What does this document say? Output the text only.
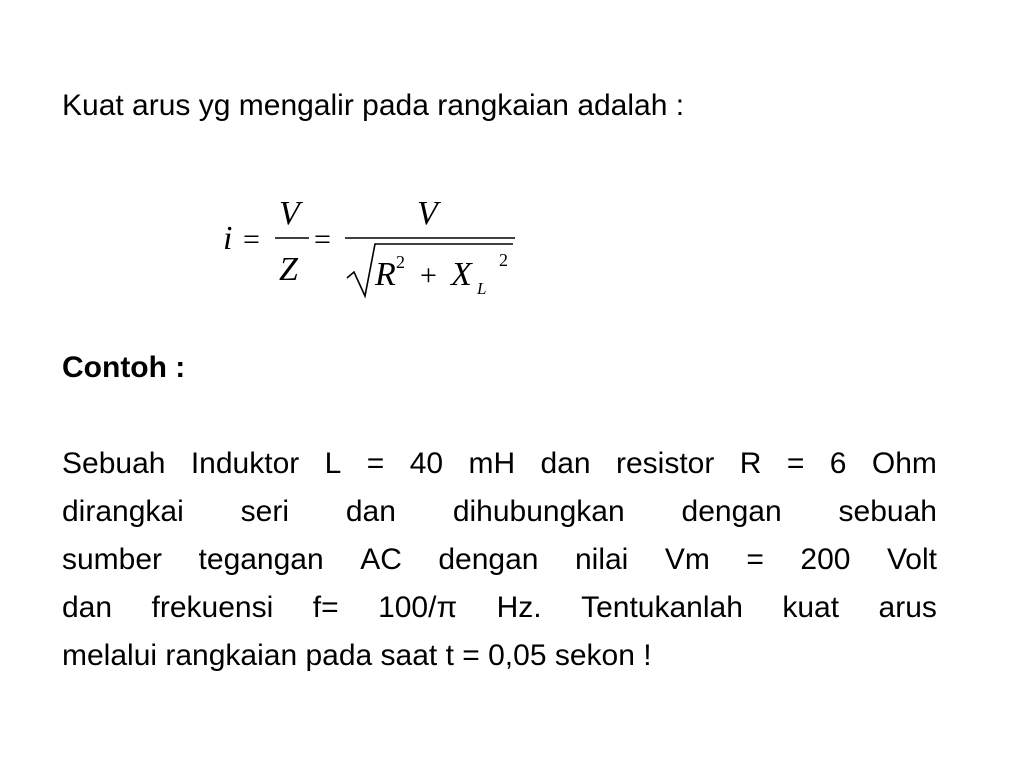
Kuat arus yg mengalir pada rangkaian adalah :
i =
V
Z
=
V
R 2 + X L
2
Contoh :
Sebuah Induktor L = 40 mH dan resistor R = 6 Ohm
dirangkai seri dan dihubungkan dengan sebuah
sumber tegangan AC dengan nilai Vm = 200 Volt
dan frekuensi f= 100/π Hz. Tentukanlah kuat arus
melalui rangkaian pada saat t = 0,05 sekon !
